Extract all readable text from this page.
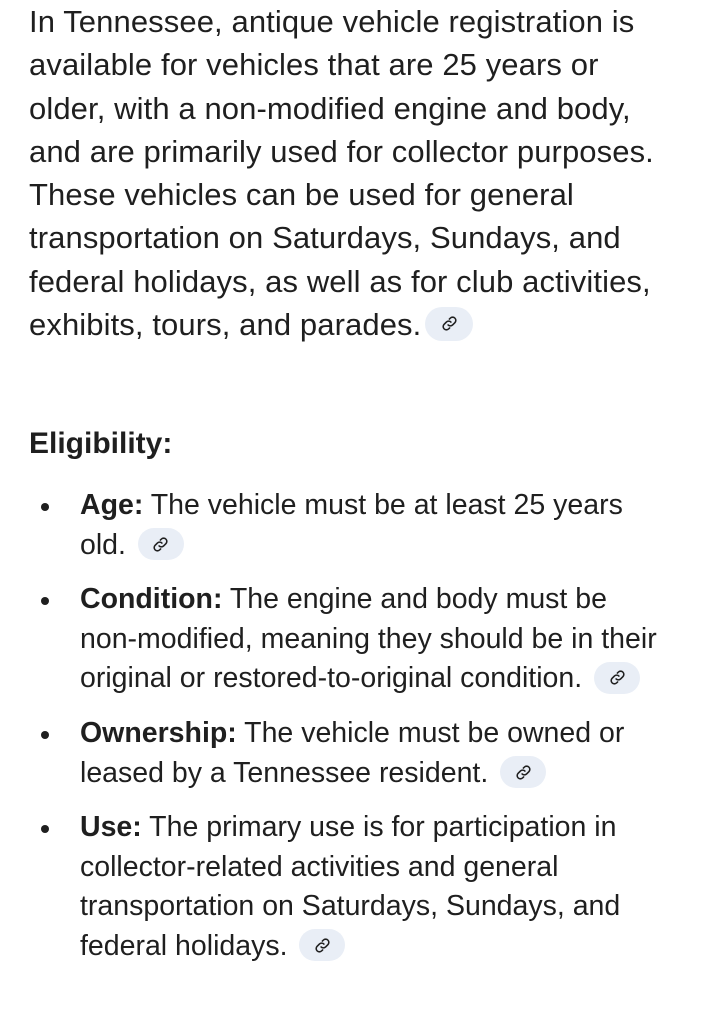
In Tennessee, antique vehicle registration is available for vehicles that are 25 years or older, with a non-modified engine and body, and are primarily used for collector purposes. These vehicles can be used for general transportation on Saturdays, Sundays, and federal holidays, as well as for club activities, exhibits, tours, and parades.

Eligibility:
Age: The vehicle must be at least 25 years old.
Condition: The engine and body must be non-modified, meaning they should be in their original or restored-to-original condition.
Ownership: The vehicle must be owned or leased by a Tennessee resident.
Use: The primary use is for participation in collector-related activities and general transportation on Saturdays, Sundays, and federal holidays.
